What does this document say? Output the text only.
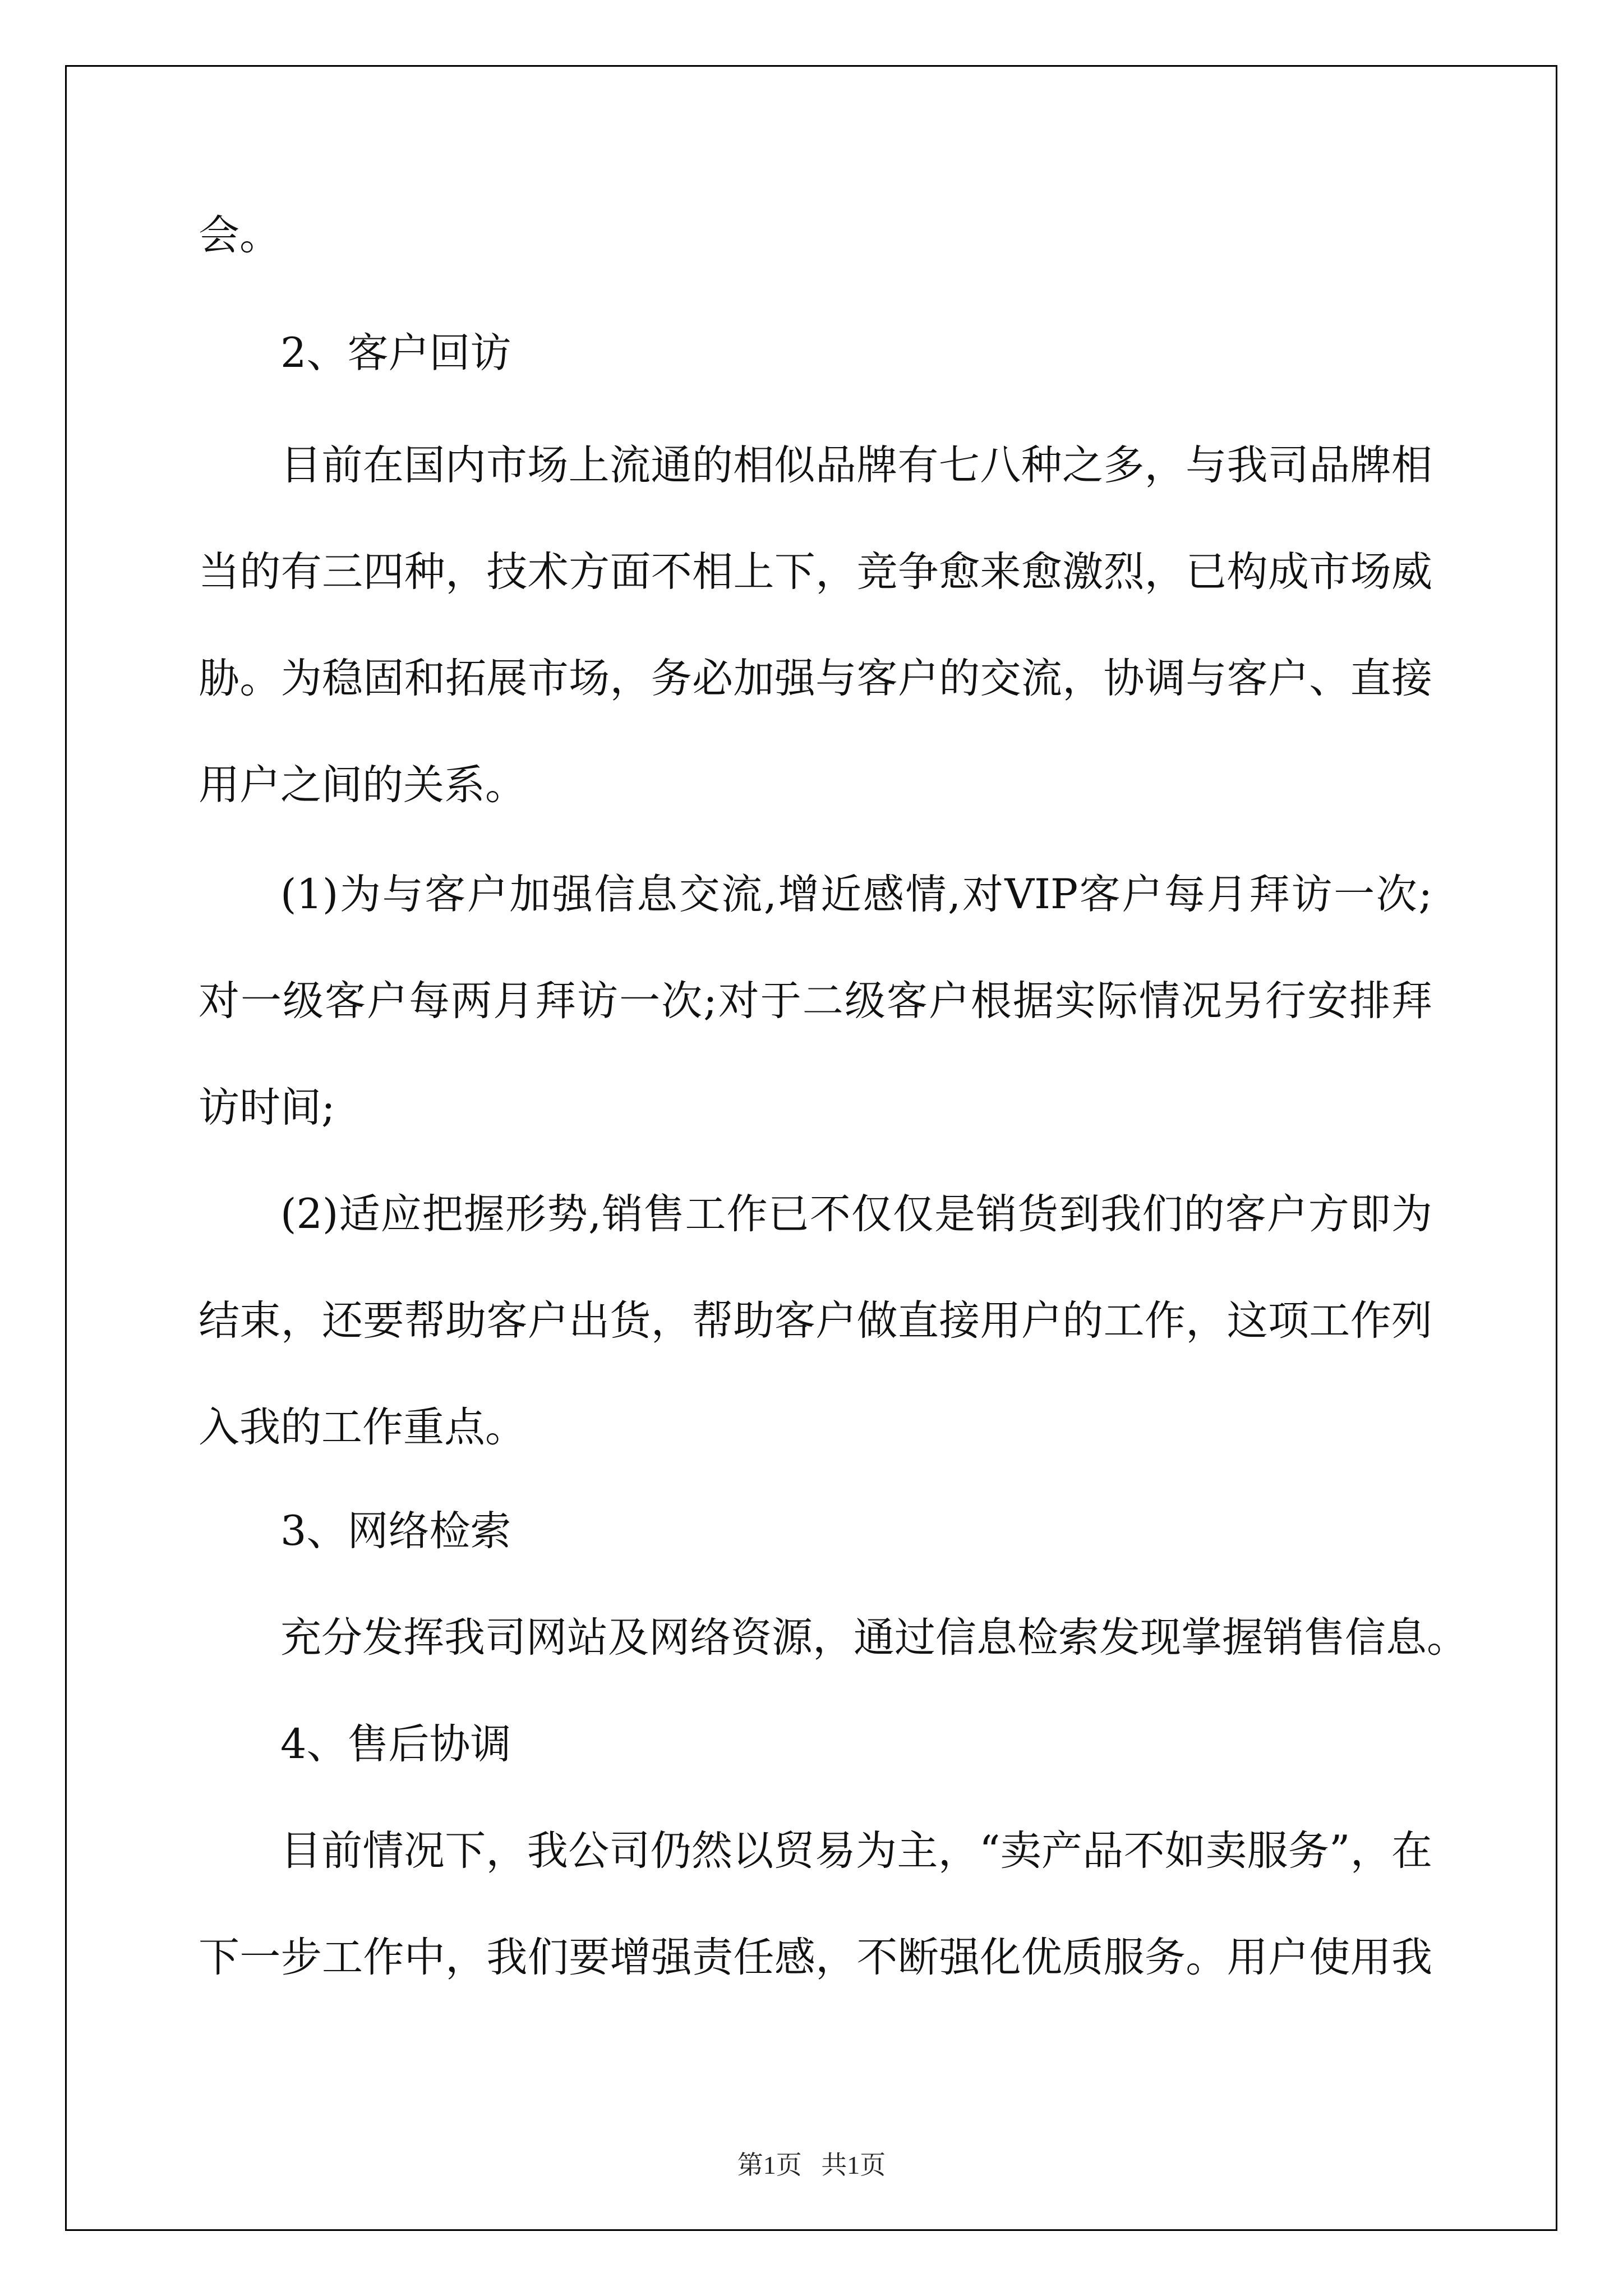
会。

2、客户回访

目前在国内市场上流通的相似品牌有七八种之多，与我司品牌相

当的有三四种，技术方面不相上下，竞争愈来愈激烈，已构成市场威

胁。为稳固和拓展市场，务必加强与客户的交流，协调与客户、直接

用户之间的关系。

(1)为与客户加强信息交流,增近感情,对VIP客户每月拜访一次;

对一级客户每两月拜访一次;对于二级客户根据实际情况另行安排拜

访时间;

(2)适应把握形势,销售工作已不仅仅是销货到我们的客户方即为

结束，还要帮助客户出货，帮助客户做直接用户的工作，这项工作列

入我的工作重点。

3、网络检索

充分发挥我司网站及网络资源，通过信息检索发现掌握销售信息。

4、售后协调

目前情况下，我公司仍然以贸易为主，“卖产品不如卖服务”，在

下一步工作中，我们要增强责任感，不断强化优质服务。用户使用我

第1页   共1页
